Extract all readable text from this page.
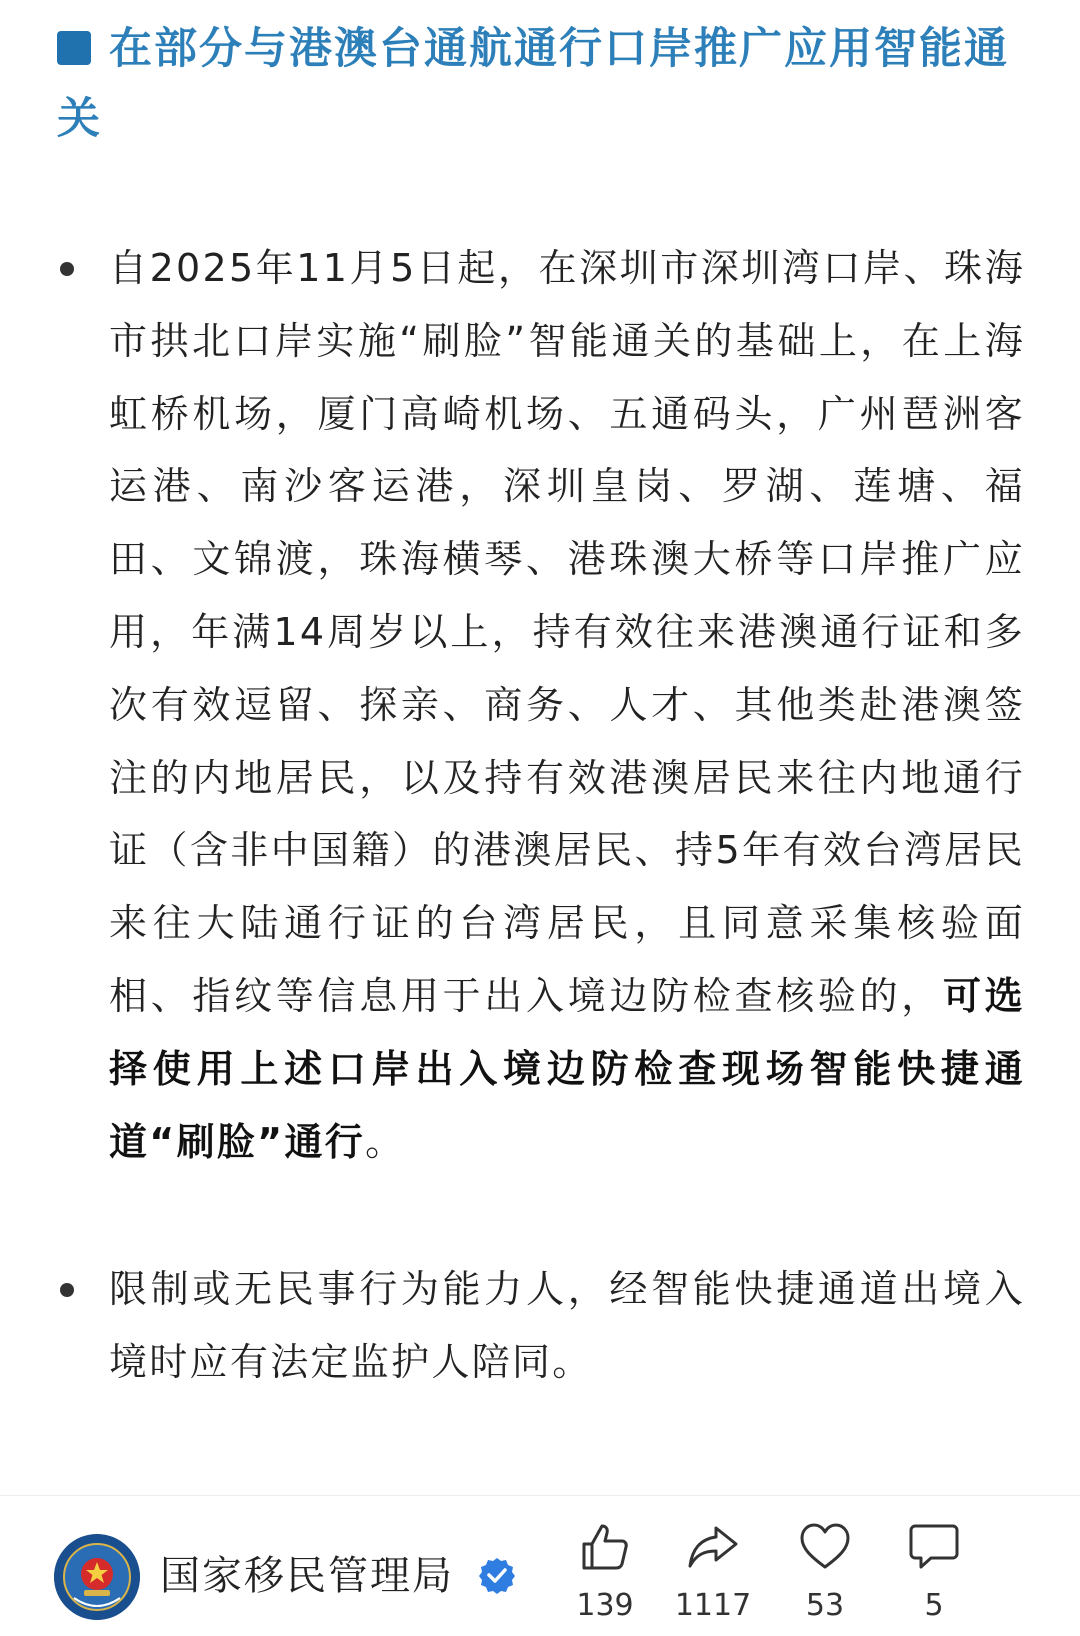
在部分与港澳台通航通行口岸推广应用智能通关
自2025年11月5日起，在深圳市深圳湾口岸、珠海市拱北口岸实施“刷脸”智能通关的基础上，在上海虹桥机场，厦门高崎机场、五通码头，广州琶洲客运港、南沙客运港，深圳皇岗、罗湖、莲塘、福田、文锦渡，珠海横琴、港珠澳大桥等口岸推广应用，年满14周岁以上，持有效往来港澳通行证和多次有效逗留、探亲、商务、人才、其他类赴港澳签注的内地居民，以及持有效港澳居民来往内地通行证（含非中国籍）的港澳居民、持5年有效台湾居民来往大陆通行证的台湾居民，且同意采集核验面相、指纹等信息用于出入境边防检查核验的，可选择使用上述口岸出入境边防检查现场智能快捷通道“刷脸”通行。
限制或无民事行为能力人，经智能快捷通道出境入境时应有法定监护人陪同。
国家移民管理局
139	1117	53	5
